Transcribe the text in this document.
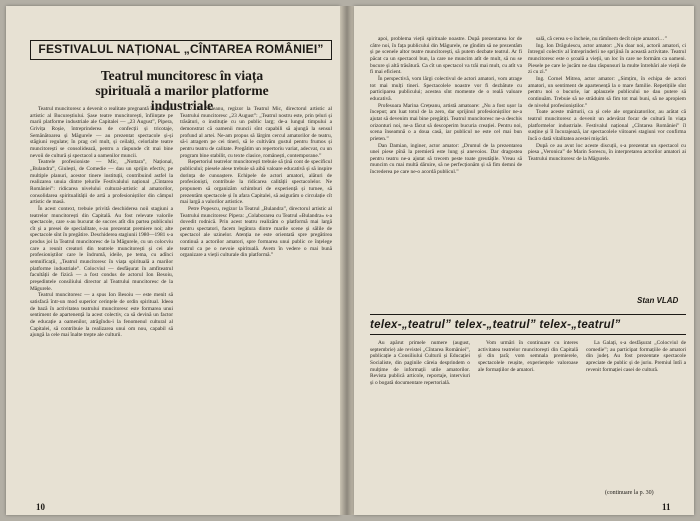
FESTIVALUL NAȚIONAL „CÎNTAREA ROMÂNIEI”
Teatrul muncitoresc în viața spirituală a marilor platforme industriale

Teatrul muncitoresc a devenit o realitate pregnantă în peisajul artistic al Bucureștiului. Șase teatre muncitorești, înființate pe marii platforme industriale ale Capitalei — „23 August”, Pipera, Grivița Roșie, întreprinderea de confecții și tricotaje, Semănătoarea și Măgurele — au prezentat spectacole și-și stăgiuni regulate; în prag cel mult, și ceilalți, celorlalte teatre muncitorești se consolidează, pentru a răspunde cît mai bine nevoii de cultură și spectacol a oamenilor muncii.

Teatrele profesioniste — Mic, „Nottara”, Național, „Bulandra”, Giulești, de Comedie — dau un sprijin efectiv, pe multiple planuri, acestor tinere instituții, contribuind astfel la realizarea unuia dintre țelurile Festivalului național „Cîntarea României”: ridicarea nivelului cultural-artistic al amatorilor, consolidarea spiritualității de artă a profesioniștilor din câmpul artistic de masă.

În acest context, trebuie privită deschiderea noii stagiuni a teatrelor muncitorești din Capitală. Au fost relevate valorile spectacole, care s-au bucurat de succes atît din partea publicului cît și a presei de specialitate, s-au prezentat premiere noi; alte spectacole sînt în pregătire. Deschiderea stagiunii 1980—1981 s-a produs joi la Teatrul muncitoresc de la Măgurele, cu un colocviu care a reunit creatori din teatrele muncitorești și cei ale profesioniștilor care le îndrumă, ideile, pe tema, cu adînci semnificații, „Teatrul muncitoresc în viața spirituală a marilor platforme industriale”. Colocviul — desfășurat în amfiteatrul facultății de fizică — a fost condus de actorul Ion Besoiu, președintele consiliului director al Teatrului muncitoresc de la Măgurele.

Teatrul muncitoresc — a spus Ion Besoiu — este menit să satisfacă într-un mod superior cerințele de ordin spiritual. Ideea de bază în activitatea teatrului muncitoresc este formarea unui sentiment de apartenență la acest colectiv, ca să devină un factor de educație a oamenilor, atrăgîndu-i la fenomenul cultural al Capitalei, să contribuie la realizarea unui om nou, capabil să ajungă la cele mai înalte trepte ale culturii.

D. D. Neleanu, regizor la Teatrul Mic, directorul artistic al Teatrului muncitoresc „23 August”: „Teatrul nostru este, prin țeluri și trăsături, o instituție cu un public larg; de-a lungul timpului a demonstrat că oamenii muncii sînt capabili să ajungă la sensul profund al artei. Ne-am propus să lărgim cercul amatorilor de teatru, să-i atragem pe cei tineri, să le cultivăm gustul pentru frumos și pentru teatru de calitate. Pregătim un repertoriu variat, adecvat, cu un program bine stabilit, cu texte clasice, românești, contemporane.”

Repertoriul teatrelor muncitorești trebuie să țină cont de specificul publicului; piesele alese trebuie să aibă valoare educativă și să inspire dorința de cunoaștere. Echipele de actori amatori, alături de profesioniști, contribuie la ridicarea calității spectacolelor. Ne propunem să organizăm schimburi de experiență și turnee, să prezentăm spectacole și în afara Capitalei, să asigurăm o circulație cît mai largă a valorilor artistice.

Petre Popescu, regizor la Teatrul „Bulandra”, directorul artistic al Teatrului muncitoresc Pipera: „Colaborarea cu Teatrul «Bulandra» s-a dovedit rodnică. Prin acest teatru realizăm o platformă mai largă pentru spectatori, facem legătura dintre marile scene și sălile de spectacol ale uzinelor. Atenția ne este orientată spre pregătirea continuă a actorilor amatori, spre formarea unui public ce înțelege teatrul ca pe o nevoie spirituală. Avem în vedere o mai bună organizare a vieții culturale din platformă.”

10

apoi, problema vieții spirituale noastre. După prezentarea lor de către noi, în fața publicului din Măgurele, ne gîndim să ne prezentăm și pe scenele altor teatre muncitorești, să putem dezbate teatrul. Ar fi păcat ca un spectacol bun, la care ne muncim atît de mult, să nu se bucure și altă trăsătură. Ca cît un spectacol va trăi mai mult, cu atît va fi mai eficient.

În perspectivă, vom lărgi colectivul de actori amatori, vom atrage tot mai mulți tineri. Spectacolele noastre vor fi dezbătute cu participarea publicului; acestea sînt momente de o reală valoare educativă.

Profesoara Marina Crețeanu, artistă amatoare: „Nu a fost ușor la început; am luat totul de la zero, dar sprijinul profesioniștilor ne-a ajutat să devenim mai bine pregătiți. Teatrul muncitoresc ne-a deschis orizonturi noi, ne-a făcut să descoperim bucuria creației. Pentru noi, scena înseamnă o a doua casă, iar publicul ne este cel mai bun prieten.”

Dan Damian, inginer, actor amator: „Drumul de la prezentarea unei piese pînă la premieră este lung și anevoios. Dar dragostea pentru teatru ne-a ajutat să trecem peste toate greutățile. Vreau să muncim cu mai multă dăruire, să ne perfecționăm și să fim demni de încrederea pe care ne-o acordă publicul.”

salã, cã cerea s-o încheie, nu rămînem decît niște amatori…”

Ing. Ion Drăgulescu, actor amator: „Nu doar noi, actorii amatori, ci întregul colectiv al întreprinderii ne sprijină în această activitate. Teatrul muncitoresc este o școală a vieții, un loc în care ne formăm ca oameni. Piesele pe care le jucăm ne dau răspunsuri la multe întrebări ale vieții de zi cu zi.”

Ing. Cornel Mitrea, actor amator: „Simțim, în echipa de actori amatori, un sentiment de apartenență la o mare familie. Repetițiile sînt pentru noi o bucurie, iar aplauzele publicului ne dau putere să continuăm. Trebuie să ne străduim să fim tot mai buni, să ne apropiem de nivelul profesioniștilor.”

Toate aceste mărturii, ca și cele ale organizatorilor, au arătat că teatrul muncitoresc a devenit un adevărat focar de cultură în viața platformelor industriale. Festivalul național „Cîntarea României” îl susține și îl încurajează, iar spectacolele viitoarei stagiuni vor confirma încă o dată vitalitatea acestei mișcări.

După ce au avut loc aceste discuții, s-a prezentat un spectacol cu piesa „Veronica” de Marin Sorescu, în interpretarea actorilor amatori ai Teatrului muncitoresc de la Măgurele.

Stan VLAD
telex-„teatrul” telex-„teatrul” telex-„teatrul”

Au apărut primele numere (august, septembrie) ale revistei „Cîntarea României”, publicație a Consiliului Culturii și Educației Socialiste, din paginile căreia desprindem o mulțime de informații utile amatorilor. Revista publică articole, reportaje, interviuri și o bogată documentare repertorială.

Vom urmări în continuare cu interes activitatea teatrelor muncitorești din Capitală și din țară; vom semnala premierele, spectacolele reușite, experiențele valoroase ale formațiilor de amatori.

La Galați, s-a desfășurat „Colocviul de comedie”; au participat formațiile de amatori din județ. Au fost prezentate spectacole apreciate de public și de juriu. Premiul întîi a revenit formației casei de cultură.

(continuare la p. 30)
11
